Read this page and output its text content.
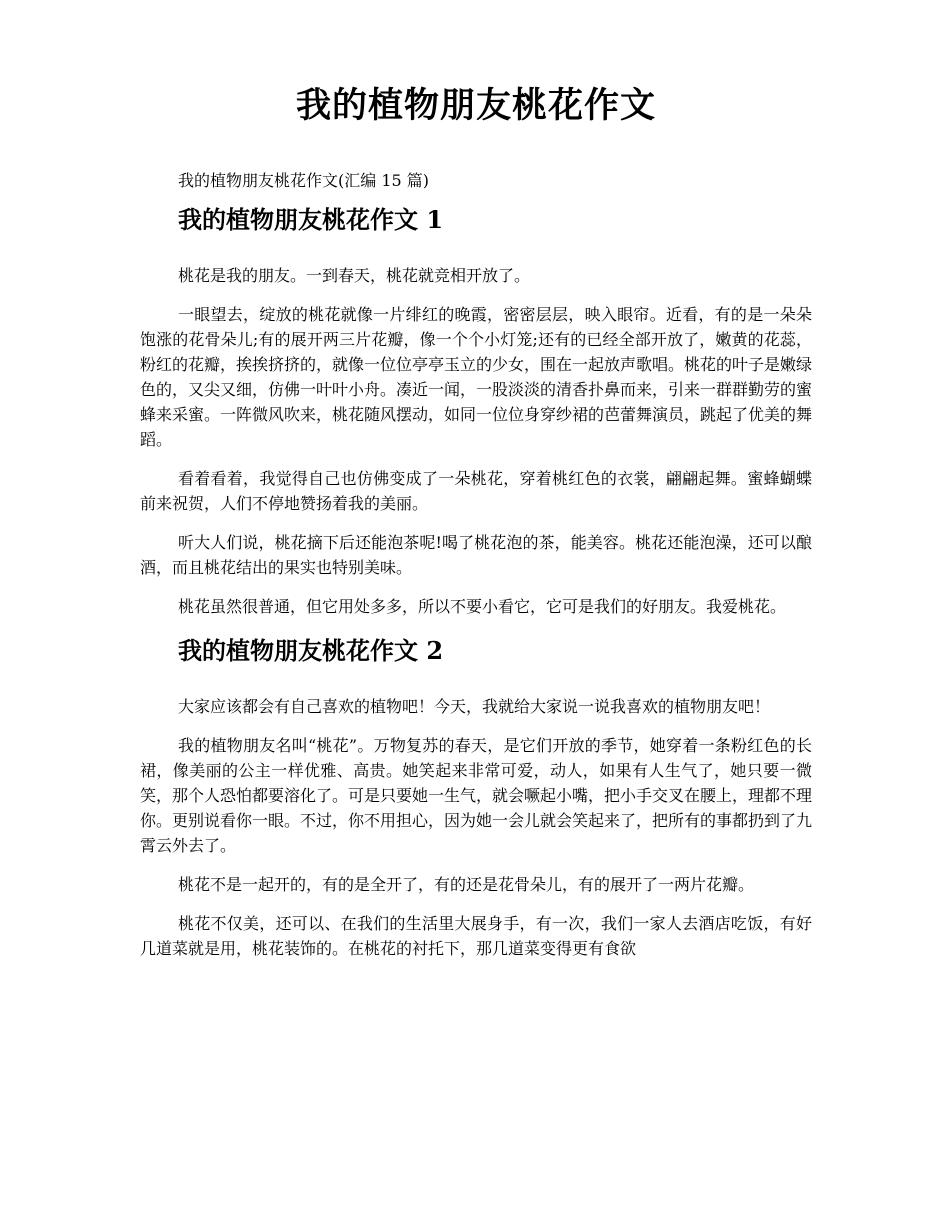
我的植物朋友桃花作文

我的植物朋友桃花作文(汇编 15 篇)

我的植物朋友桃花作文 1

桃花是我的朋友。一到春天，桃花就竞相开放了。

一眼望去，绽放的桃花就像一片绯红的晚霞，密密层层，映入眼帘。近看，有的是一朵朵饱涨的花骨朵儿;有的展开两三片花瓣，像一个个小灯笼;还有的已经全部开放了，嫩黄的花蕊，粉红的花瓣，挨挨挤挤的，就像一位位亭亭玉立的少女，围在一起放声歌唱。桃花的叶子是嫩绿色的，又尖又细，仿佛一叶叶小舟。凑近一闻，一股淡淡的清香扑鼻而来，引来一群群勤劳的蜜蜂来采蜜。一阵微风吹来，桃花随风摆动，如同一位位身穿纱裙的芭蕾舞演员，跳起了优美的舞蹈。

看着看着，我觉得自己也仿佛变成了一朵桃花，穿着桃红色的衣裳，翩翩起舞。蜜蜂蝴蝶前来祝贺，人们不停地赞扬着我的美丽。

听大人们说，桃花摘下后还能泡茶呢!喝了桃花泡的茶，能美容。桃花还能泡澡，还可以酿酒，而且桃花结出的果实也特别美味。

桃花虽然很普通，但它用处多多，所以不要小看它，它可是我们的好朋友。我爱桃花。

我的植物朋友桃花作文 2

大家应该都会有自己喜欢的植物吧！今天，我就给大家说一说我喜欢的植物朋友吧！

我的植物朋友名叫“桃花”。万物复苏的春天，是它们开放的季节，她穿着一条粉红色的长裙，像美丽的公主一样优雅、高贵。她笑起来非常可爱，动人，如果有人生气了，她只要一微笑，那个人恐怕都要溶化了。可是只要她一生气，就会噘起小嘴，把小手交叉在腰上，理都不理你。更别说看你一眼。不过，你不用担心，因为她一会儿就会笑起来了，把所有的事都扔到了九霄云外去了。

桃花不是一起开的，有的是全开了，有的还是花骨朵儿，有的展开了一两片花瓣。

桃花不仅美，还可以、在我们的生活里大展身手，有一次，我们一家人去酒店吃饭，有好几道菜就是用，桃花装饰的。在桃花的衬托下，那几道菜变得更有食欲
